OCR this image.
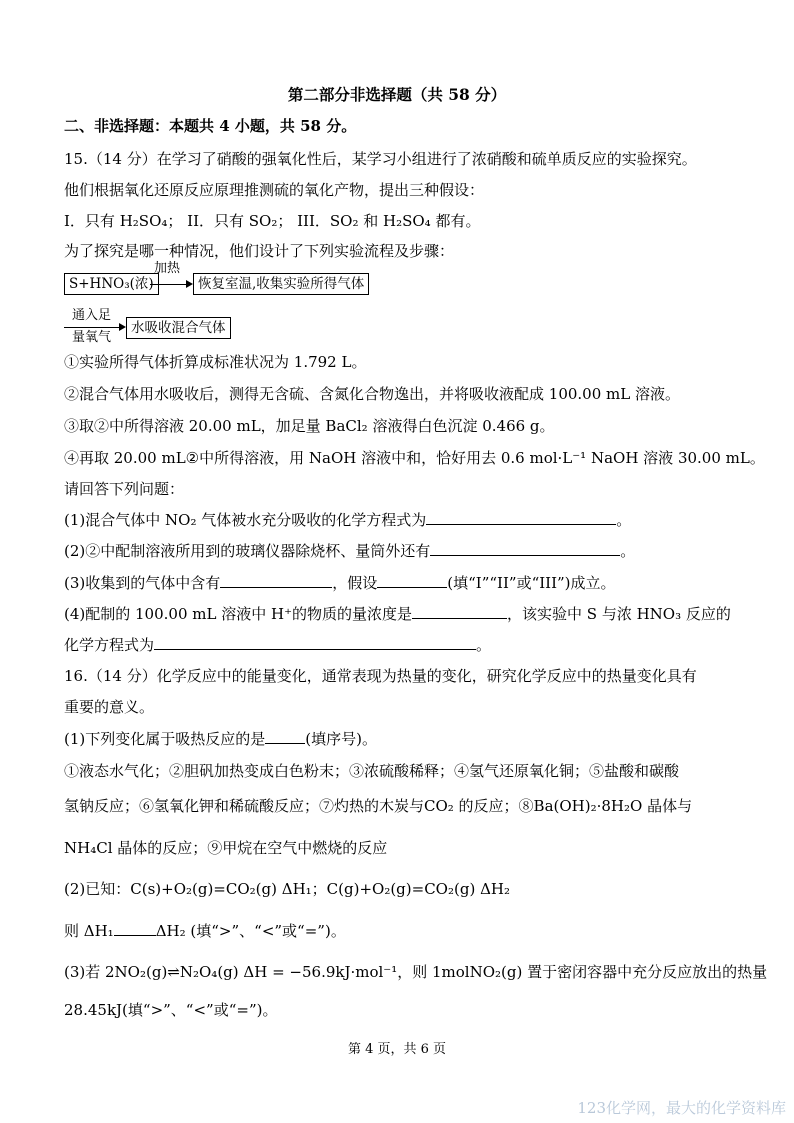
第二部分非选择题（共 58 分）
二、非选择题：本题共 4 小题，共 58 分。
15.（14 分）在学习了硝酸的强氧化性后，某学习小组进行了浓硝酸和硫单质反应的实验探究。
他们根据氧化还原反应原理推测硫的氧化产物，提出三种假设：
I．只有 H₂SO₄； II．只有 SO₂； III．SO₂ 和 H₂SO₄ 都有。
为了探究是哪一种情况，他们设计了下列实验流程及步骤：
S+HNO₃(浓)
加热
恢复室温,收集实验所得气体
通入足
量氧气
水吸收混合气体
①实验所得气体折算成标准状况为 1.792 L。
②混合气体用水吸收后，测得无含硫、含氮化合物逸出，并将吸收液配成 100.00 mL 溶液。
③取②中所得溶液 20.00 mL，加足量 BaCl₂ 溶液得白色沉淀 0.466 g。
④再取 20.00 mL②中所得溶液，用 NaOH 溶液中和，恰好用去 0.6 mol·L⁻¹ NaOH 溶液 30.00 mL。
请回答下列问题：
(1)混合气体中 NO₂ 气体被水充分吸收的化学方程式为	。
(2)②中配制溶液所用到的玻璃仪器除烧杯、量筒外还有	。
(3)收集到的气体中含有	，假设	(填“I”“II”或“III”)成立。
(4)配制的 100.00 mL 溶液中 H⁺的物质的量浓度是	，该实验中 S 与浓 HNO₃ 反应的
化学方程式为	。
16.（14 分）化学反应中的能量变化，通常表现为热量的变化，研究化学反应中的热量变化具有
重要的意义。
(1)下列变化属于吸热反应的是	(填序号)。
①液态水气化；②胆矾加热变成白色粉末；③浓硫酸稀释；④氢气还原氧化铜；⑤盐酸和碳酸
氢钠反应；⑥氢氧化钾和稀硫酸反应；⑦灼热的木炭与CO₂ 的反应；⑧Ba(OH)₂·8H₂O 晶体与
NH₄Cl 晶体的反应；⑨甲烷在空气中燃烧的反应
(2)已知：C(s)+O₂(g)=CO₂(g) ΔH₁；C(g)+O₂(g)=CO₂(g) ΔH₂
则 ΔH₁	ΔH₂ (填“>”、“<”或“=”)。
(3)若 2NO₂(g)⇌N₂O₄(g) ΔH = −56.9kJ·mol⁻¹，则 1molNO₂(g) 置于密闭容器中充分反应放出的热量
28.45kJ(填“>”、“<”或“=”)。
第 4 页，共 6 页
123化学网，最大的化学资料库
